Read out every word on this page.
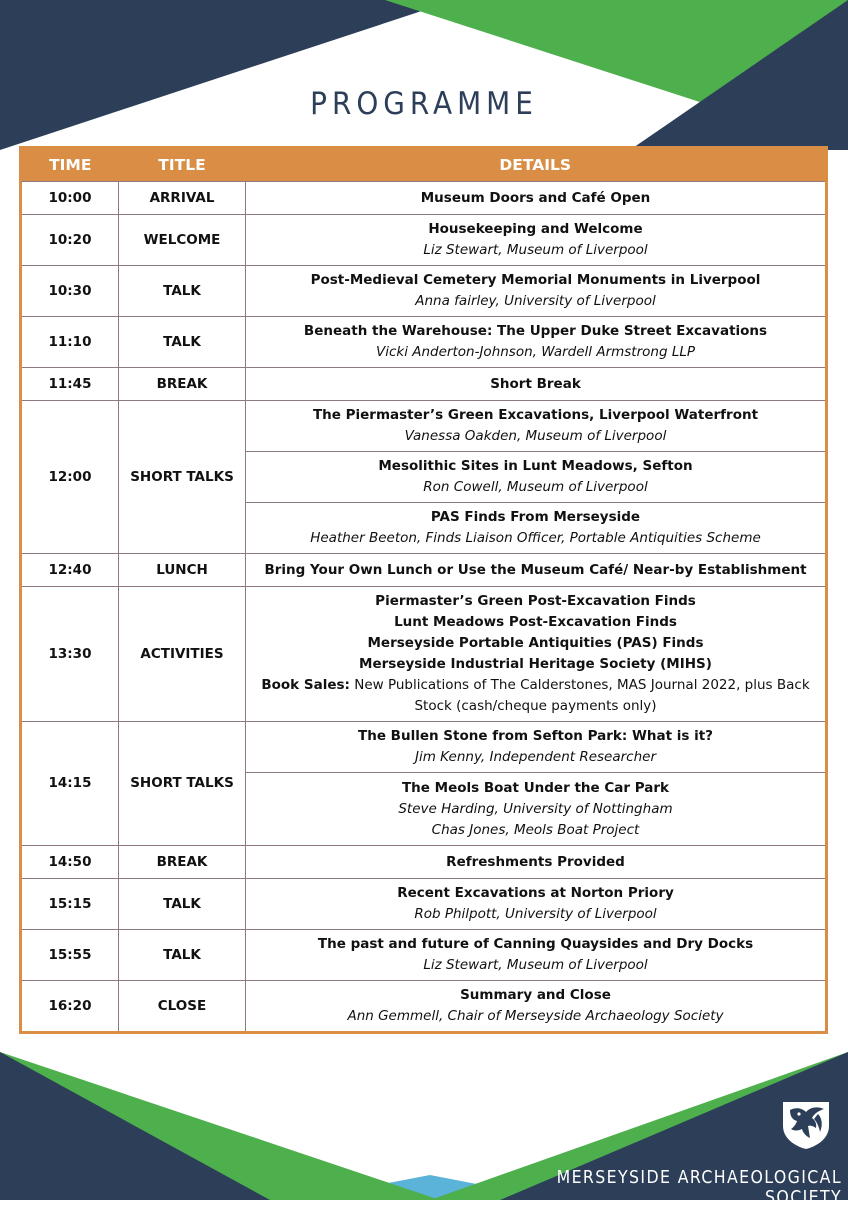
PROGRAMME
TIME	TITLE	DETAILS
10:00	ARRIVAL	Museum Doors and Café Open

10:20	WELCOME	Housekeeping and Welcome
Liz Stewart, Museum of Liverpool

10:30	TALK	Post-Medieval Cemetery Memorial Monuments in Liverpool
Anna fairley, University of Liverpool

11:10	TALK	Beneath the Warehouse: The Upper Duke Street Excavations
Vicki Anderton-Johnson, Wardell Armstrong LLP

11:45	BREAK	Short Break

12:00	SHORT TALKS	The Piermaster’s Green Excavations, Liverpool Waterfront
Vanessa Oakden, Museum of Liverpool

		Mesolithic Sites in Lunt Meadows, Sefton
Ron Cowell, Museum of Liverpool

		PAS Finds From Merseyside
Heather Beeton, Finds Liaison Officer, Portable Antiquities Scheme

12:40	LUNCH	Bring Your Own Lunch or Use the Museum Café/ Near-by Establishment

13:30	ACTIVITIES	Piermaster’s Green Post-Excavation Finds
Lunt Meadows Post-Excavation Finds
Merseyside Portable Antiquities (PAS) Finds
Merseyside Industrial Heritage Society (MIHS)
Book Sales: New Publications of The Calderstones, MAS Journal 2022, plus Back Stock (cash/cheque payments only)

14:15	SHORT TALKS	The Bullen Stone from Sefton Park: What is it?
Jim Kenny, Independent Researcher

		The Meols Boat Under the Car Park
Steve Harding, University of Nottingham
Chas Jones, Meols Boat Project

14:50	BREAK	Refreshments Provided

15:15	TALK	Recent Excavations at Norton Priory
Rob Philpott, University of Liverpool

15:55	TALK	The past and future of Canning Quaysides and Dry Docks
Liz Stewart, Museum of Liverpool

16:20	CLOSE	Summary and Close
Ann Gemmell, Chair of Merseyside Archaeology Society
MERSEYSIDE ARCHAEOLOGICAL SOCIETY
